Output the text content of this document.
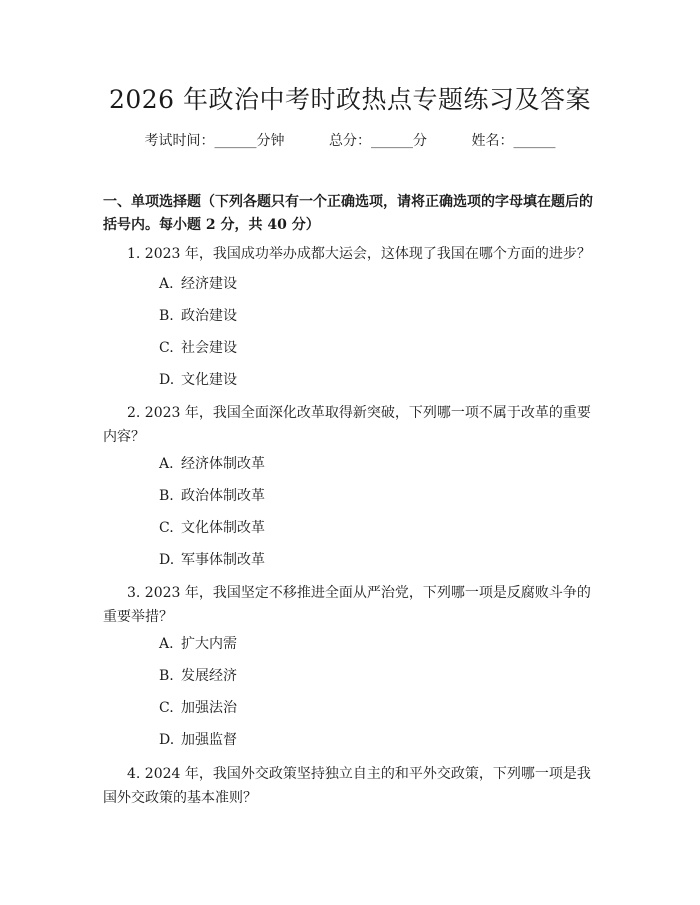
2026 年政治中考时政热点专题练习及答案
考试时间：______分钟	总分：______分	姓名：______
一、单项选择题（下列各题只有一个正确选项，请将正确选项的字母填在题后的括号内。每小题 2 分，共 40 分）
1. 2023 年，我国成功举办成都大运会，这体现了我国在哪个方面的进步？
A. 经济建设
B. 政治建设
C. 社会建设
D. 文化建设
2. 2023 年，我国全面深化改革取得新突破，下列哪一项不属于改革的重要内容？
A. 经济体制改革
B. 政治体制改革
C. 文化体制改革
D. 军事体制改革
3. 2023 年，我国坚定不移推进全面从严治党，下列哪一项是反腐败斗争的重要举措？
A. 扩大内需
B. 发展经济
C. 加强法治
D. 加强监督
4. 2024 年，我国外交政策坚持独立自主的和平外交政策，下列哪一项是我国外交政策的基本准则？
